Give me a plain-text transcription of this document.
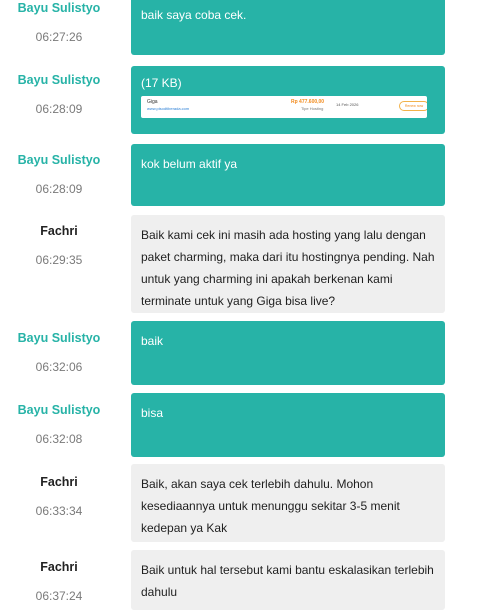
Bayu Sulistyo
06:27:26
baik saya coba cek.
Bayu Sulistyo
06:28:09
(17 KB)
Giga
www.pisodtiberada.com
Rp 477.600,00
Tipe Hosting
14 Feb 2026	Renew now
Bayu Sulistyo
06:28:09
kok belum aktif ya
Fachri
06:29:35
Baik kami cek ini masih ada hosting yang lalu dengan paket charming, maka dari itu hostingnya pending. Nah untuk yang charming ini apakah berkenan kami terminate untuk yang Giga bisa live?
Bayu Sulistyo
06:32:06
baik
Bayu Sulistyo
06:32:08
bisa
Fachri
06:33:34
Baik, akan saya cek terlebih dahulu. Mohon kesediaannya untuk menunggu sekitar 3-5 menit kedepan ya Kak
Fachri
06:37:24
Baik untuk hal tersebut kami bantu eskalasikan terlebih dahulu
